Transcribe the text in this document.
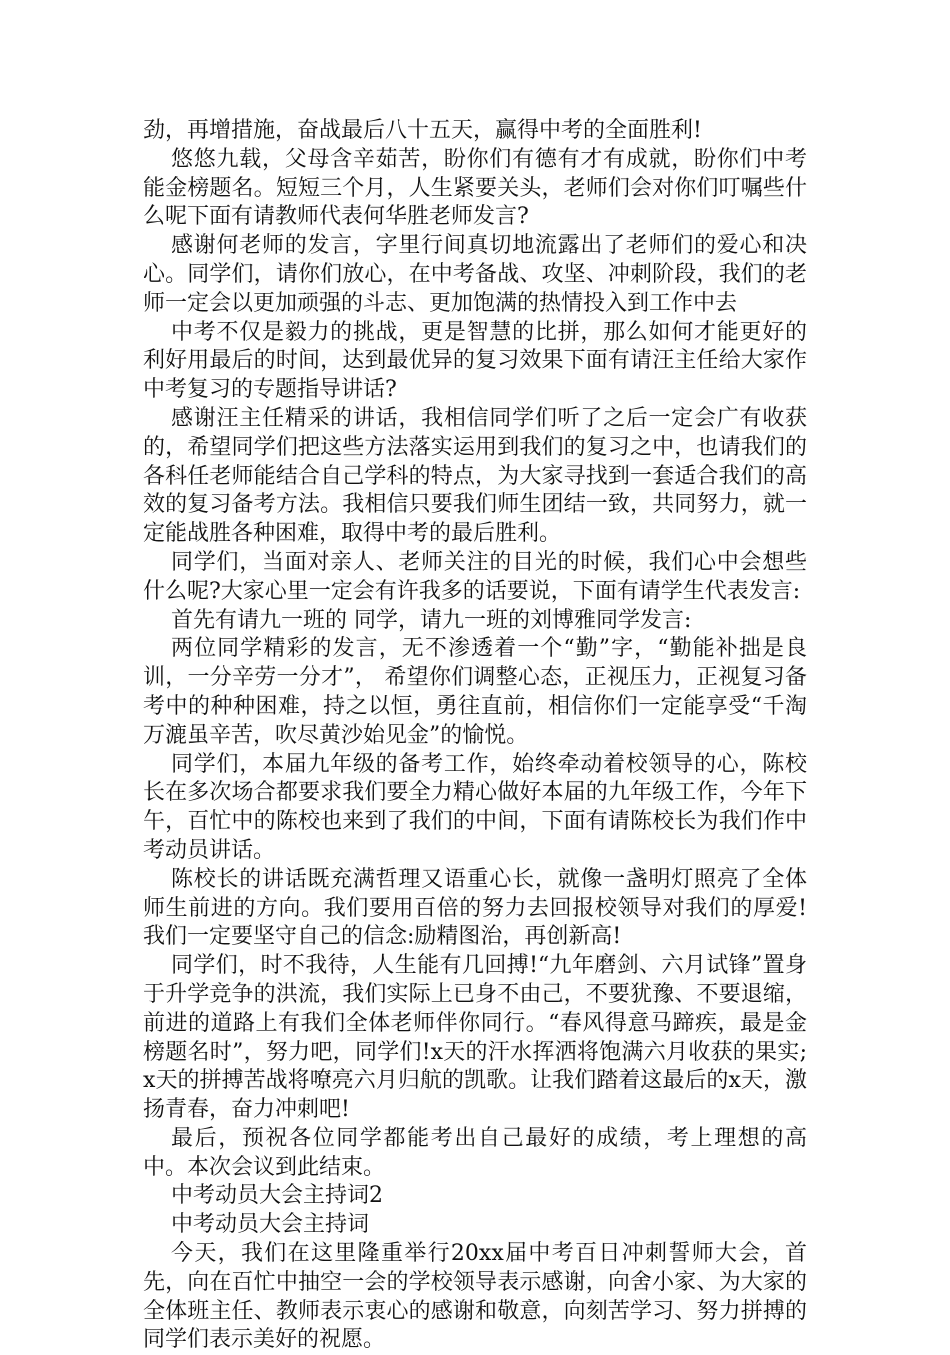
劲，再增措施，奋战最后八十五天，赢得中考的全面胜利!

悠悠九载，父母含辛茹苦，盼你们有德有才有成就，盼你们中考能金榜题名。短短三个月，人生紧要关头，老师们会对你们叮嘱些什么呢下面有请教师代表何华胜老师发言?

感谢何老师的发言，字里行间真切地流露出了老师们的爱心和决心。同学们，请你们放心，在中考备战、攻坚、冲刺阶段，我们的老师一定会以更加顽强的斗志、更加饱满的热情投入到工作中去

中考不仅是毅力的挑战，更是智慧的比拼，那么如何才能更好的利好用最后的时间，达到最优异的复习效果下面有请汪主任给大家作中考复习的专题指导讲话?

感谢汪主任精采的讲话，我相信同学们听了之后一定会广有收获的，希望同学们把这些方法落实运用到我们的复习之中，也请我们的各科任老师能结合自己学科的特点，为大家寻找到一套适合我们的高效的复习备考方法。我相信只要我们师生团结一致，共同努力，就一定能战胜各种困难，取得中考的最后胜利。

同学们，当面对亲人、老师关注的目光的时候，我们心中会想些什么呢?大家心里一定会有许我多的话要说，下面有请学生代表发言:

首先有请九一班的 同学，请九一班的刘博雅同学发言:

两位同学精彩的发言，无不渗透着一个“勤”字，“勤能补拙是良训，一分辛劳一分才”， 希望你们调整心态，正视压力，正视复习备考中的种种困难，持之以恒，勇往直前，相信你们一定能享受“千淘万漉虽辛苦，吹尽黄沙始见金”的愉悦。

同学们，本届九年级的备考工作，始终牵动着校领导的心，陈校长在多次场合都要求我们要全力精心做好本届的九年级工作，今年下午，百忙中的陈校也来到了我们的中间，下面有请陈校长为我们作中考动员讲话。

陈校长的讲话既充满哲理又语重心长，就像一盏明灯照亮了全体师生前进的方向。我们要用百倍的努力去回报校领导对我们的厚爱!我们一定要坚守自己的信念:励精图治，再创新高!

同学们，时不我待，人生能有几回搏!“九年磨剑、六月试锋”置身于升学竞争的洪流，我们实际上已身不由己，不要犹豫、不要退缩，前进的道路上有我们全体老师伴你同行。“春风得意马蹄疾，最是金榜题名时”，努力吧，同学们!x天的汗水挥洒将饱满六月收获的果实;x天的拼搏苦战将嘹亮六月归航的凯歌。让我们踏着这最后的x天，激扬青春，奋力冲刺吧!

最后，预祝各位同学都能考出自己最好的成绩，考上理想的高中。本次会议到此结束。

中考动员大会主持词2

中考动员大会主持词

今天，我们在这里隆重举行20xx届中考百日冲刺誓师大会，首先，向在百忙中抽空一会的学校领导表示感谢，向舍小家、为大家的全体班主任、教师表示衷心的感谢和敬意，向刻苦学习、努力拼搏的同学们表示美好的祝愿。
